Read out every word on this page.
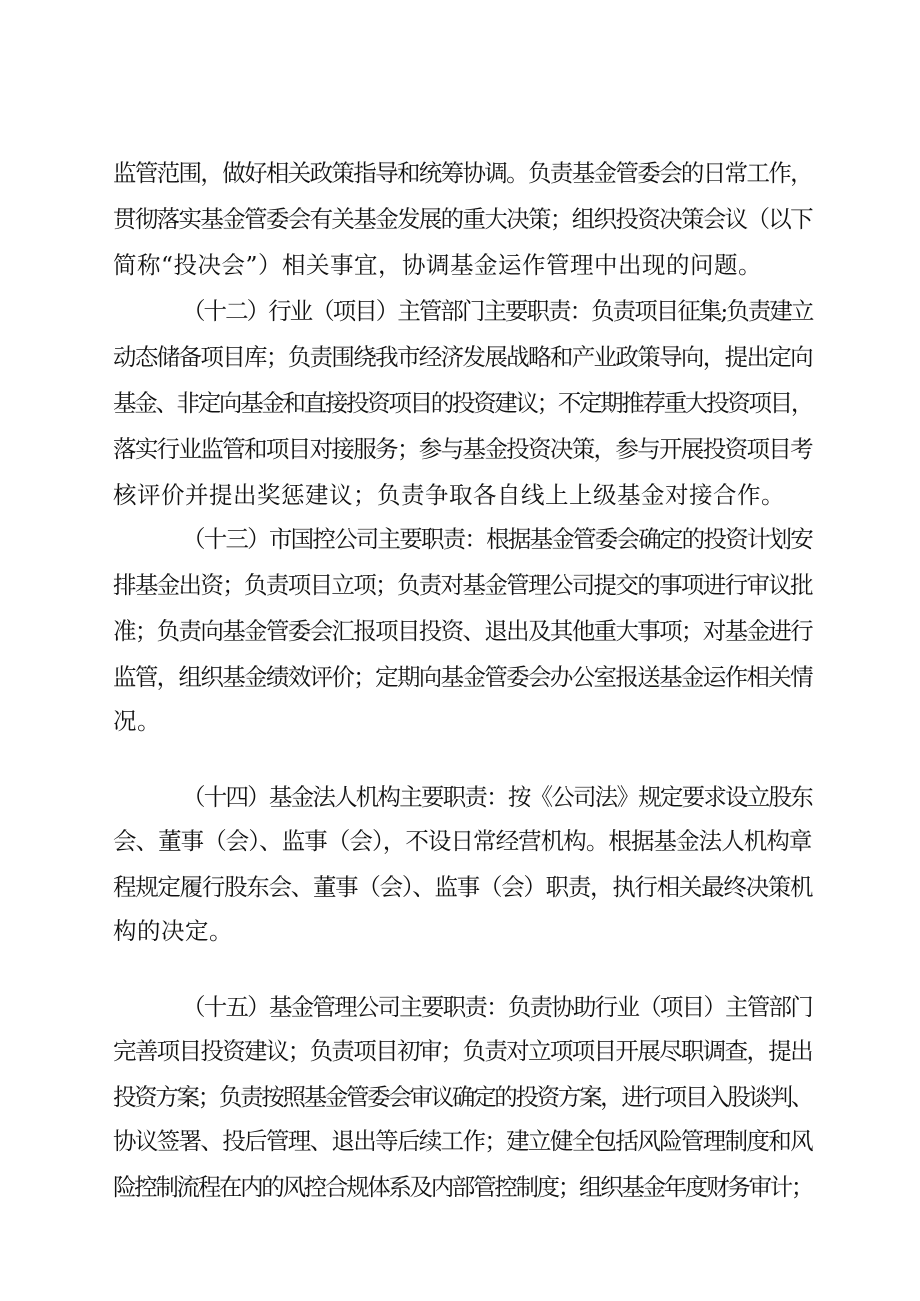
监管范围，做好相关政策指导和统筹协调。负责基金管委会的日常工作，
贯彻落实基金管委会有关基金发展的重大决策；组织投资决策会议（以下
简称“投决会”）相关事宜，协调基金运作管理中出现的问题。
（十二）行业（项目）主管部门主要职责：负责项目征集;负责建立
动态储备项目库；负责围绕我市经济发展战略和产业政策导向，提出定向
基金、非定向基金和直接投资项目的投资建议；不定期推荐重大投资项目，
落实行业监管和项目对接服务；参与基金投资决策，参与开展投资项目考
核评价并提出奖惩建议；负责争取各自线上上级基金对接合作。
（十三）市国控公司主要职责：根据基金管委会确定的投资计划安
排基金出资；负责项目立项；负责对基金管理公司提交的事项进行审议批
准；负责向基金管委会汇报项目投资、退出及其他重大事项；对基金进行
监管，组织基金绩效评价；定期向基金管委会办公室报送基金运作相关情
况。
（十四）基金法人机构主要职责：按《公司法》规定要求设立股东
会、董事（会）、监事（会），不设日常经营机构。根据基金法人机构章
程规定履行股东会、董事（会）、监事（会）职责，执行相关最终决策机
构的决定。
（十五）基金管理公司主要职责：负责协助行业（项目）主管部门
完善项目投资建议；负责项目初审；负责对立项项目开展尽职调查，提出
投资方案；负责按照基金管委会审议确定的投资方案，进行项目入股谈判、
协议签署、投后管理、退出等后续工作；建立健全包括风险管理制度和风
险控制流程在内的风控合规体系及内部管控制度；组织基金年度财务审计；
